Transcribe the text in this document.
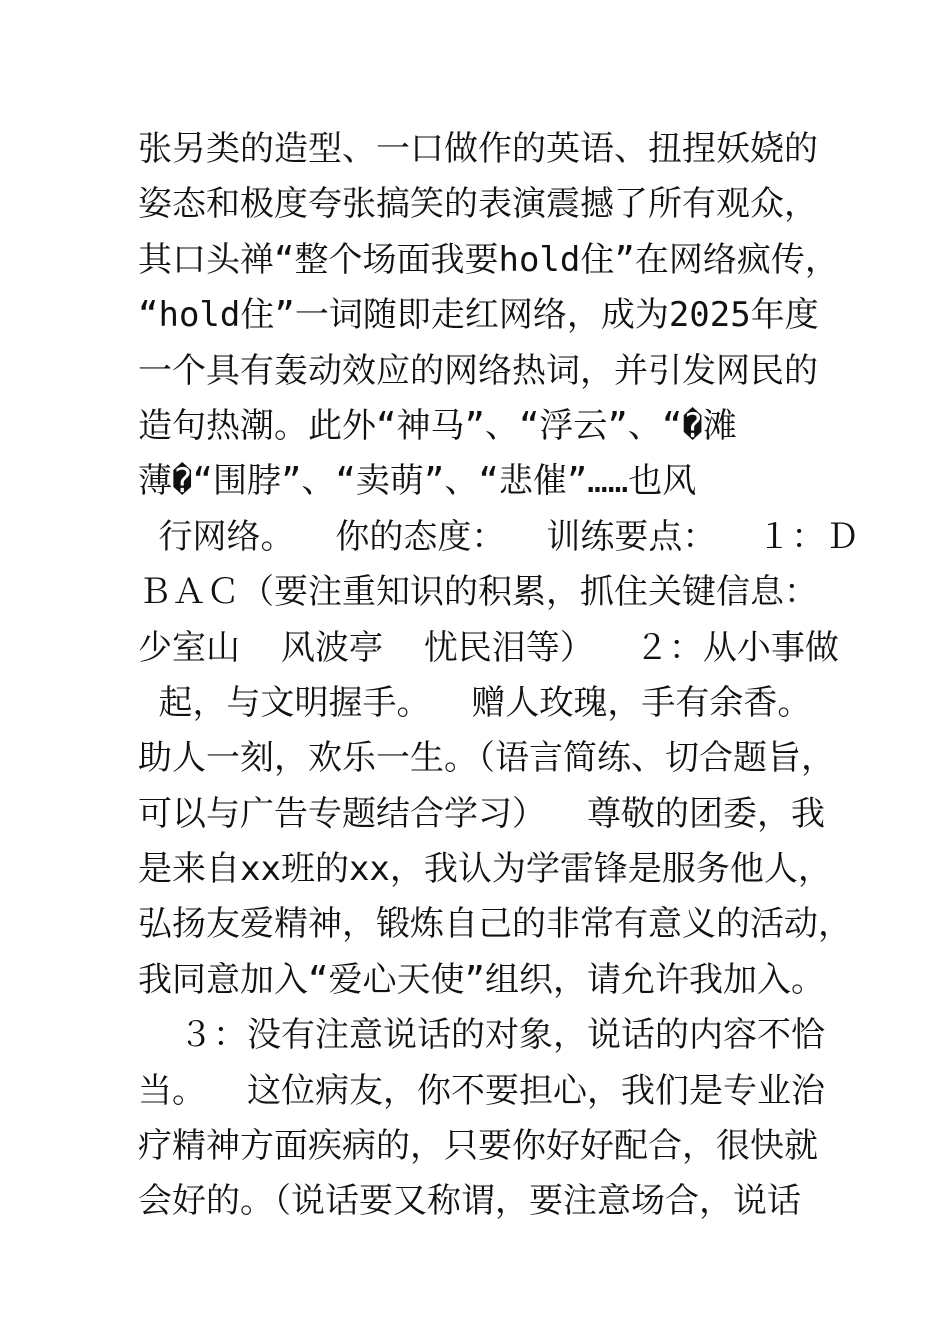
张另类的造型、一口做作的英语、扭捏妖娆的
姿态和极度夸张搞笑的表演震撼了所有观众，
其口头禅“整个场面我要hold住”在网络疯传，
“hold住”一词随即走红网络，成为2025年度
一个具有轰动效应的网络热词，并引发网民的
造句热潮。此外“神马”、“浮云”、“�滩
薄�“围脖”、“卖萌”、“悲催”……也风
行网络。  你的态度：  训练要点：  １：Ｄ
ＢＡＣ（要注重知识的积累，抓住关键信息：
少室山  风波亭  忧民泪等）  ２：从小事做
起，与文明握手。  赠人玫瑰，手有余香。
助人一刻，欢乐一生。（语言简练、切合题旨，
可以与广告专题结合学习）  尊敬的团委，我
是来自xx班的xx，我认为学雷锋是服务他人，
弘扬友爱精神，锻炼自己的非常有意义的活动，
我同意加入“爱心天使”组织，请允许我加入。
３：没有注意说话的对象，说话的内容不恰
当。  这位病友，你不要担心，我们是专业治
疗精神方面疾病的，只要你好好配合，很快就
会好的。（说话要又称谓，要注意场合，说话
